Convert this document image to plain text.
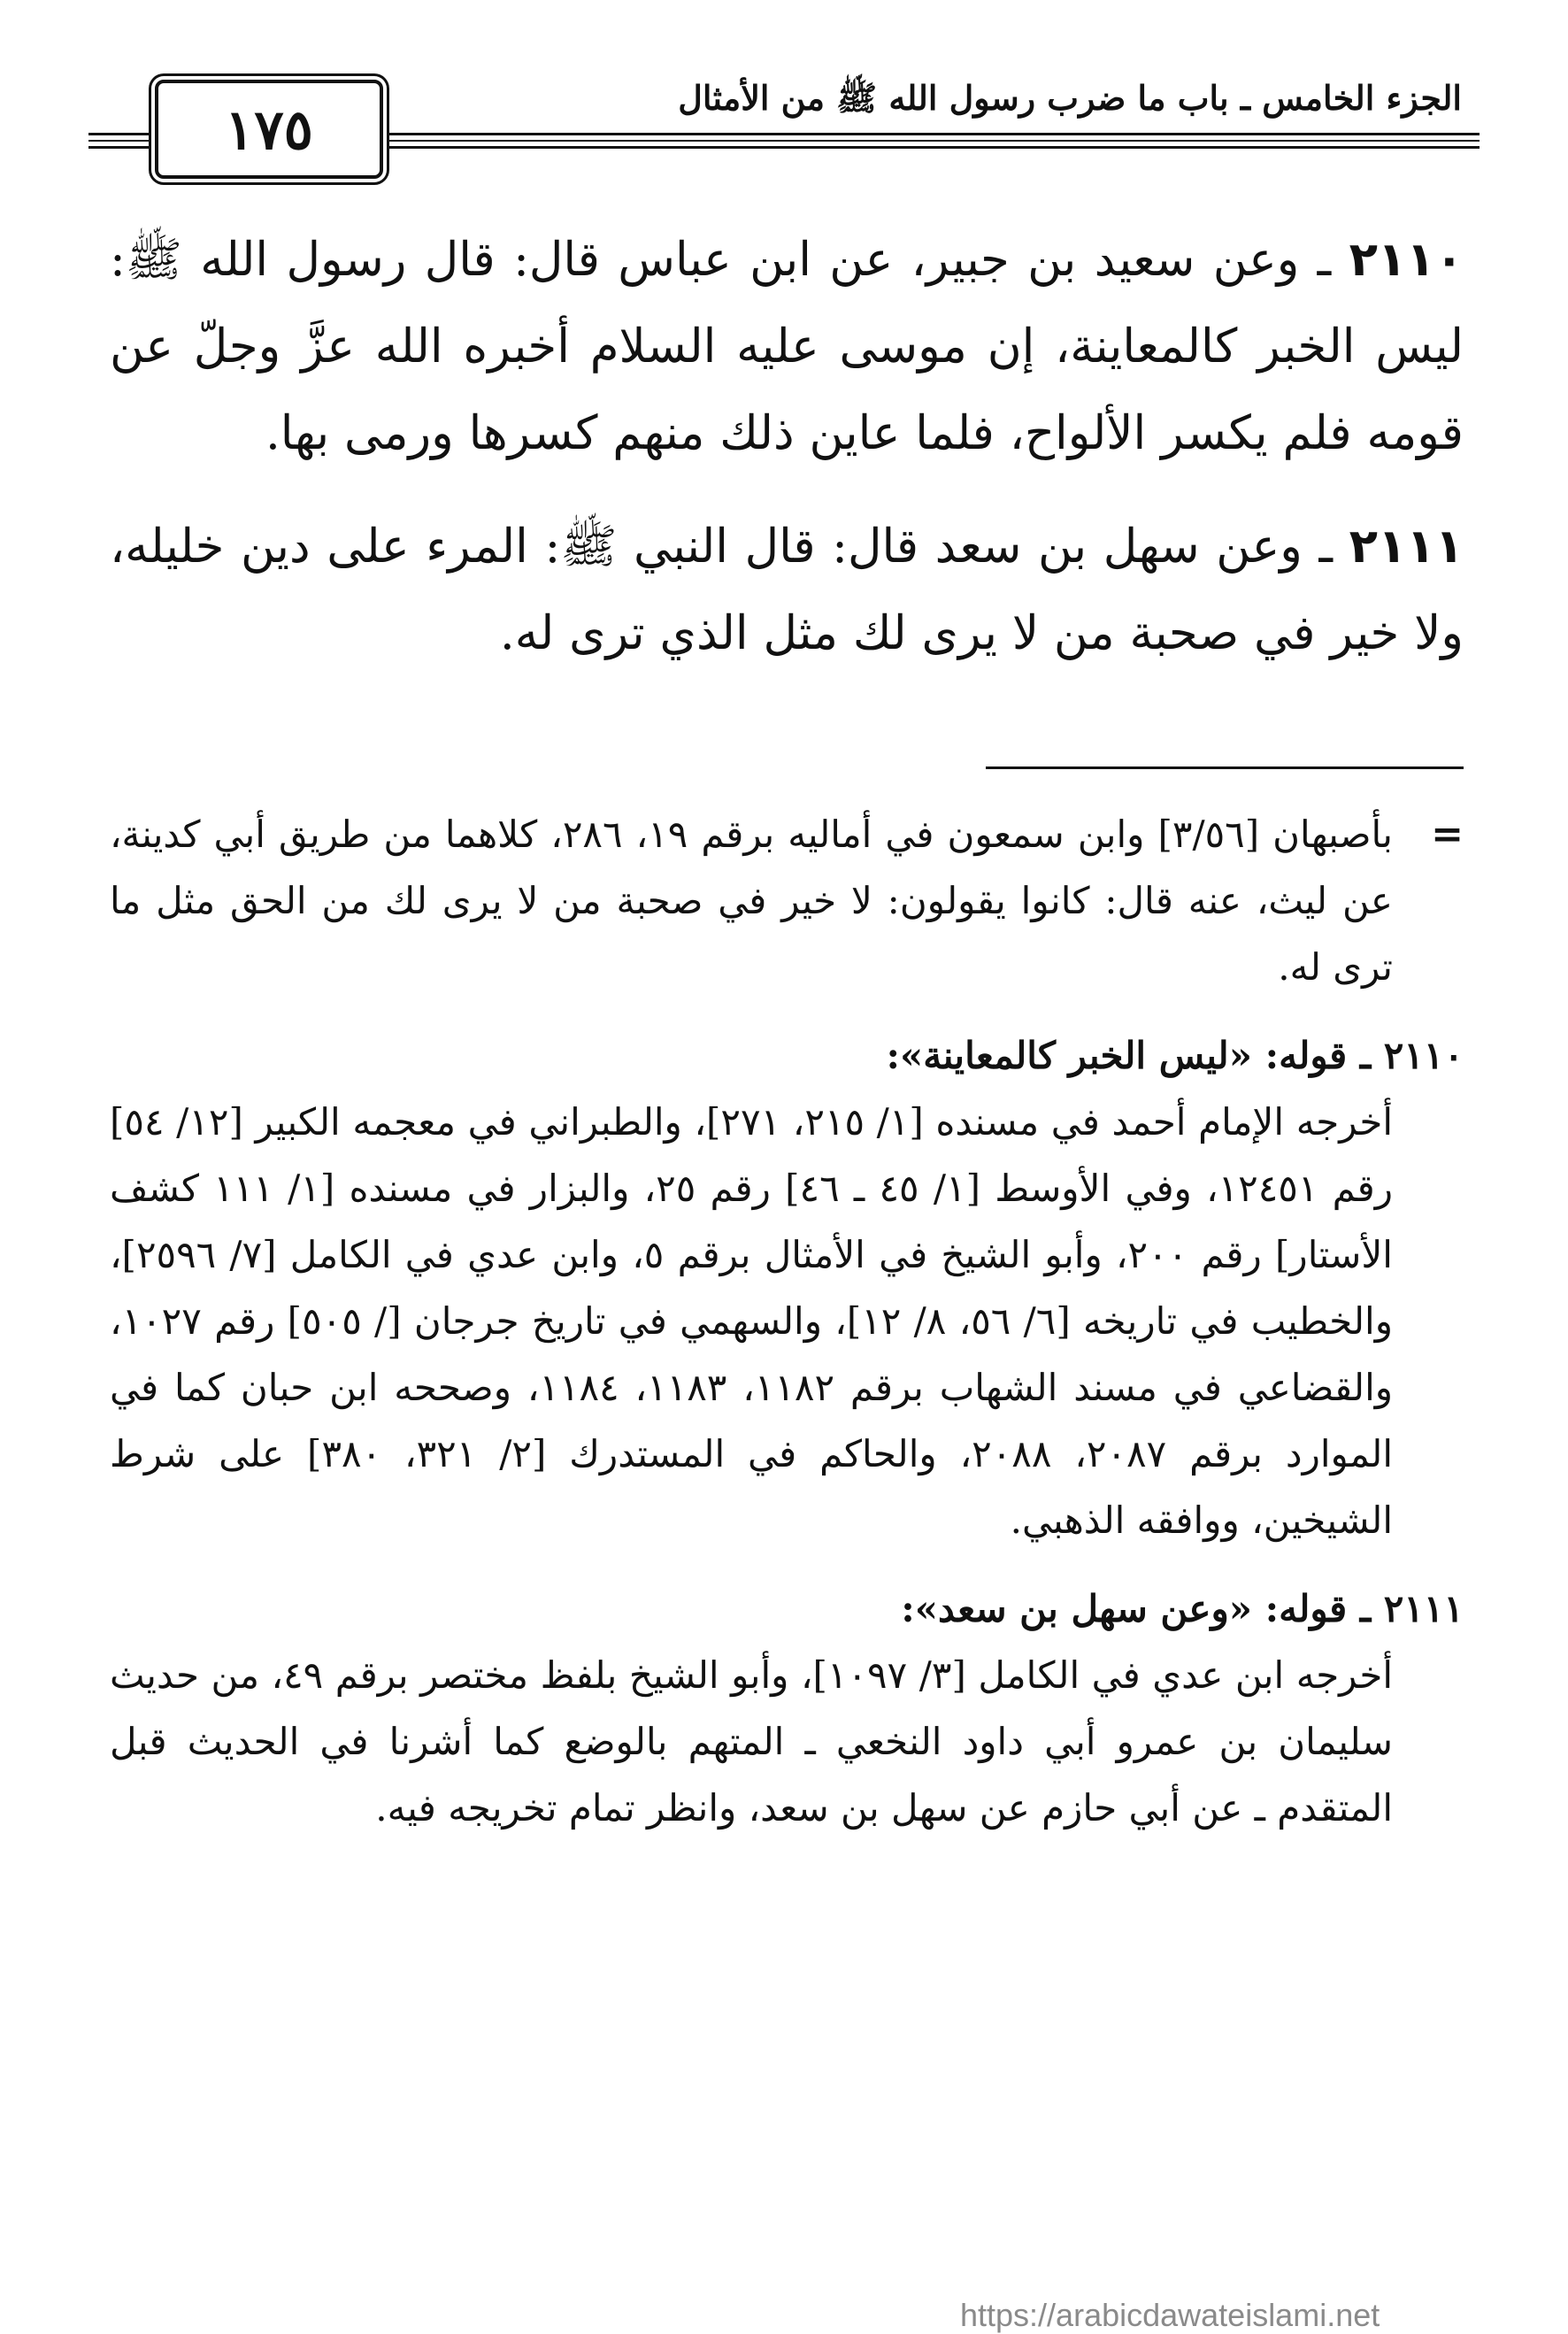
الجزء الخامس ـ باب ما ضرب رسول الله ﷺ من الأمثال
١٧٥

٢١١٠ ـ وعن سعيد بن جبير، عن ابن عباس قال: قال رسول الله ﷺ: ليس الخبر كالمعاينة، إن موسى عليه السلام أخبره الله عزَّ وجلّ عن قومه فلم يكسر الألواح، فلما عاين ذلك منهم كسرها ورمى بها.

٢١١١ ـ وعن سهل بن سعد قال: قال النبي ﷺ: المرء على دين خليله، ولا خير في صحبة من لا يرى لك مثل الذي ترى له.

=
بأصبهان [٣/٥٦] وابن سمعون في أماليه برقم ١٩، ٢٨٦، كلاهما من طريق أبي كدينة، عن ليث، عنه قال: كانوا يقولون: لا خير في صحبة من لا يرى لك من الحق مثل ما ترى له.

٢١١٠ ـ قوله: «ليس الخبر كالمعاينة»:

أخرجه الإمام أحمد في مسنده [١/ ٢١٥، ٢٧١]، والطبراني في معجمه الكبير [١٢/ ٥٤] رقم ١٢٤٥١، وفي الأوسط [١/ ٤٥ ـ ٤٦] رقم ٢٥، والبزار في مسنده [١/ ١١١ كشف الأستار] رقم ٢٠٠، وأبو الشيخ في الأمثال برقم ٥، وابن عدي في الكامل [٧/ ٢٥٩٦]، والخطيب في تاريخه [٦/ ٥٦، ٨/ ١٢]، والسهمي في تاريخ جرجان [/ ٥٠٥] رقم ١٠٢٧، والقضاعي في مسند الشهاب برقم ١١٨٢، ١١٨٣، ١١٨٤، وصححه ابن حبان كما في الموارد برقم ٢٠٨٧، ٢٠٨٨، والحاكم في المستدرك [٢/ ٣٢١، ٣٨٠] على شرط الشيخين، ووافقه الذهبي.

٢١١١ ـ قوله: «وعن سهل بن سعد»:

أخرجه ابن عدي في الكامل [٣/ ١٠٩٧]، وأبو الشيخ بلفظ مختصر برقم ٤٩، من حديث سليمان بن عمرو أبي داود النخعي ـ المتهم بالوضع كما أشرنا في الحديث قبل المتقدم ـ عن أبي حازم عن سهل بن سعد، وانظر تمام تخريجه فيه.

https://arabicdawateislami.net
